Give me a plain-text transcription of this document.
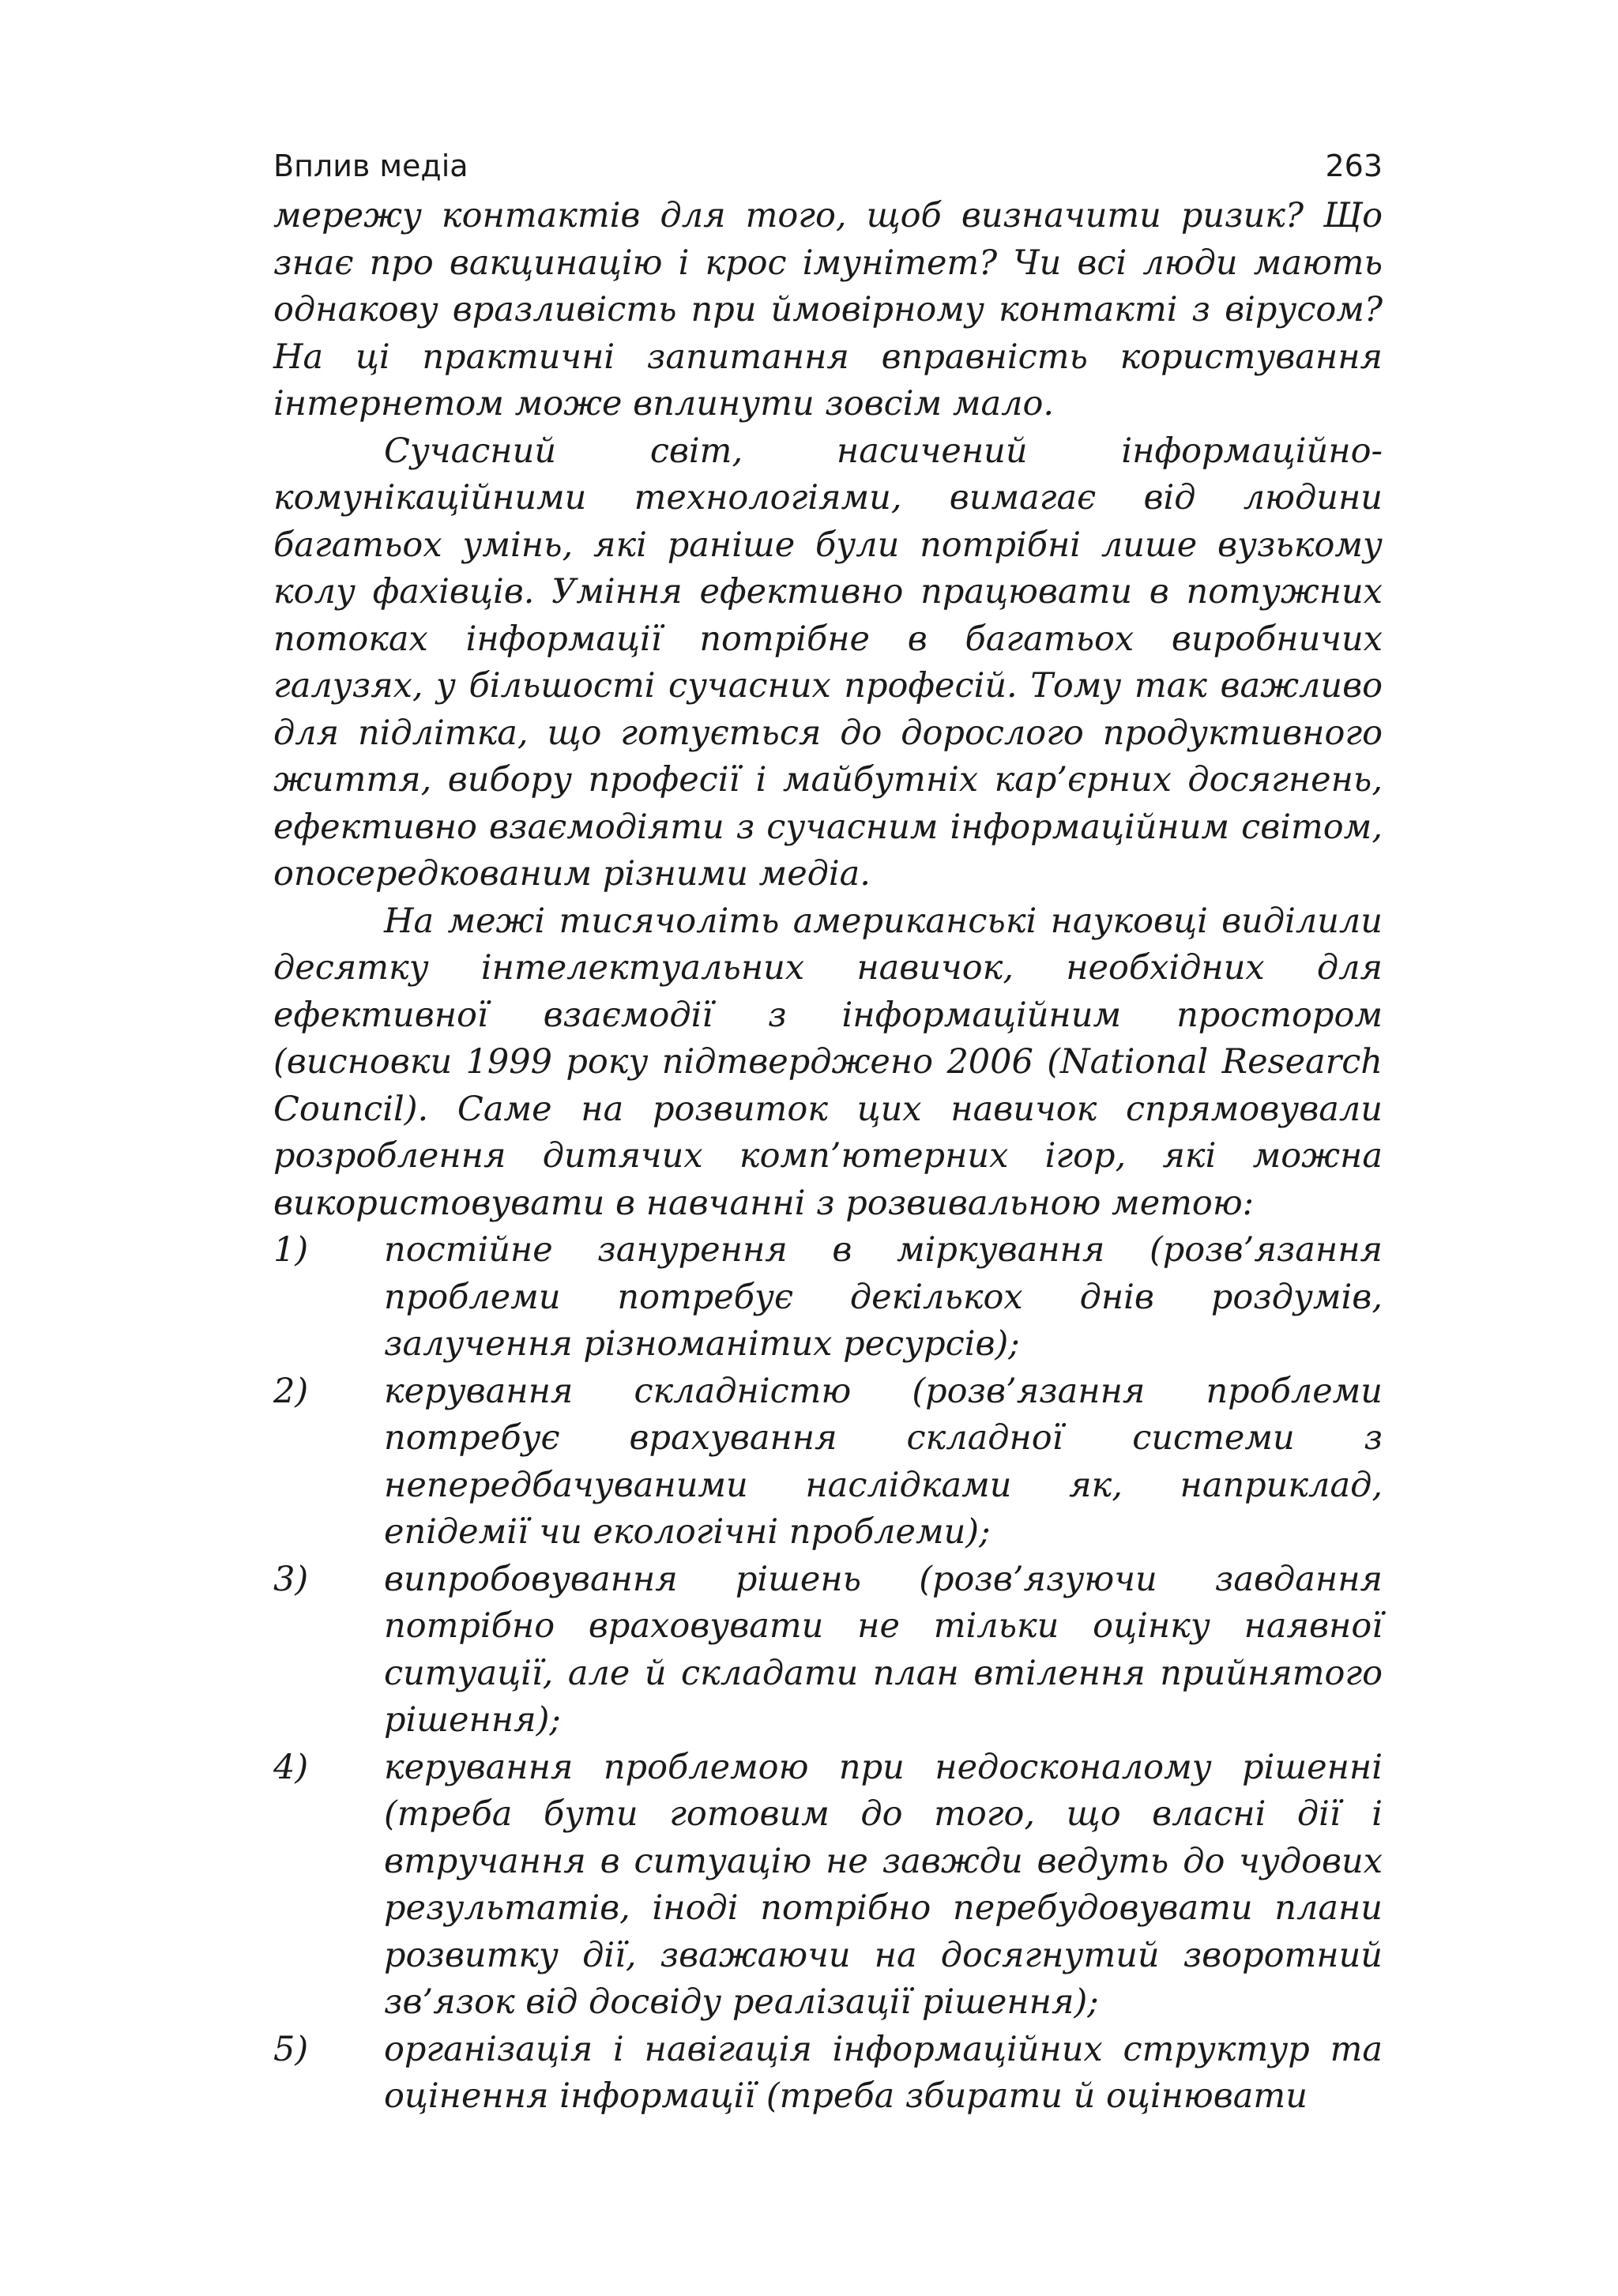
Вплив медіа	263

мережу контактів для того, щоб визначити ризик? Що знає про вакцинацію і крос імунітет? Чи всі люди мають однакову вразливість при ймовірному контакті з вірусом? На ці практичні запитання вправність користування інтернетом може вплинути зовсім мало.

Сучасний світ, насичений інформаційно-комунікаційними технологіями, вимагає від людини багатьох умінь, які раніше були потрібні лише вузькому колу фахівців. Уміння ефективно працювати в потужних потоках інформації потрібне в багатьох виробничих галузях, у більшості сучасних професій. Тому так важливо для підлітка, що готується до дорослого продуктивного життя, вибору професії і майбутніх кар’єрних досягнень, ефективно взаємодіяти з сучасним інформаційним світом, опосередкованим різними медіа.

На межі тисячоліть американські науковці виділили десятку інтелектуальних навичок, необхідних для ефективної взаємодії з інформаційним простором (висновки 1999 року підтверджено 2006 (National Research Council). Саме на розвиток цих навичок спрямовували розроблення дитячих комп’ютерних ігор, які можна використовувати в навчанні з розвивальною метою:

1)	постійне занурення в міркування (розв’язання проблеми потребує декількох днів роздумів, залучення різноманітих ресурсів);
2)	керування складністю (розв’язання проблеми потребує врахування складної системи з непередбачуваними наслідками як, наприклад, епідемії чи екологічні проблеми);
3)	випробовування рішень (розв’язуючи завдання потрібно враховувати не тільки оцінку наявної ситуації, але й складати план втілення прийнятого рішення);
4)	керування проблемою при недосконалому рішенні (треба бути готовим до того, що власні дії і втручання в ситуацію не завжди ведуть до чудових результатів, іноді потрібно перебудовувати плани розвитку дії, зважаючи на досягнутий зворотний зв’язок від досвіду реалізації рішення);
5)	організація і навігація інформаційних структур та оцінення інформації (треба збирати й оцінювати
